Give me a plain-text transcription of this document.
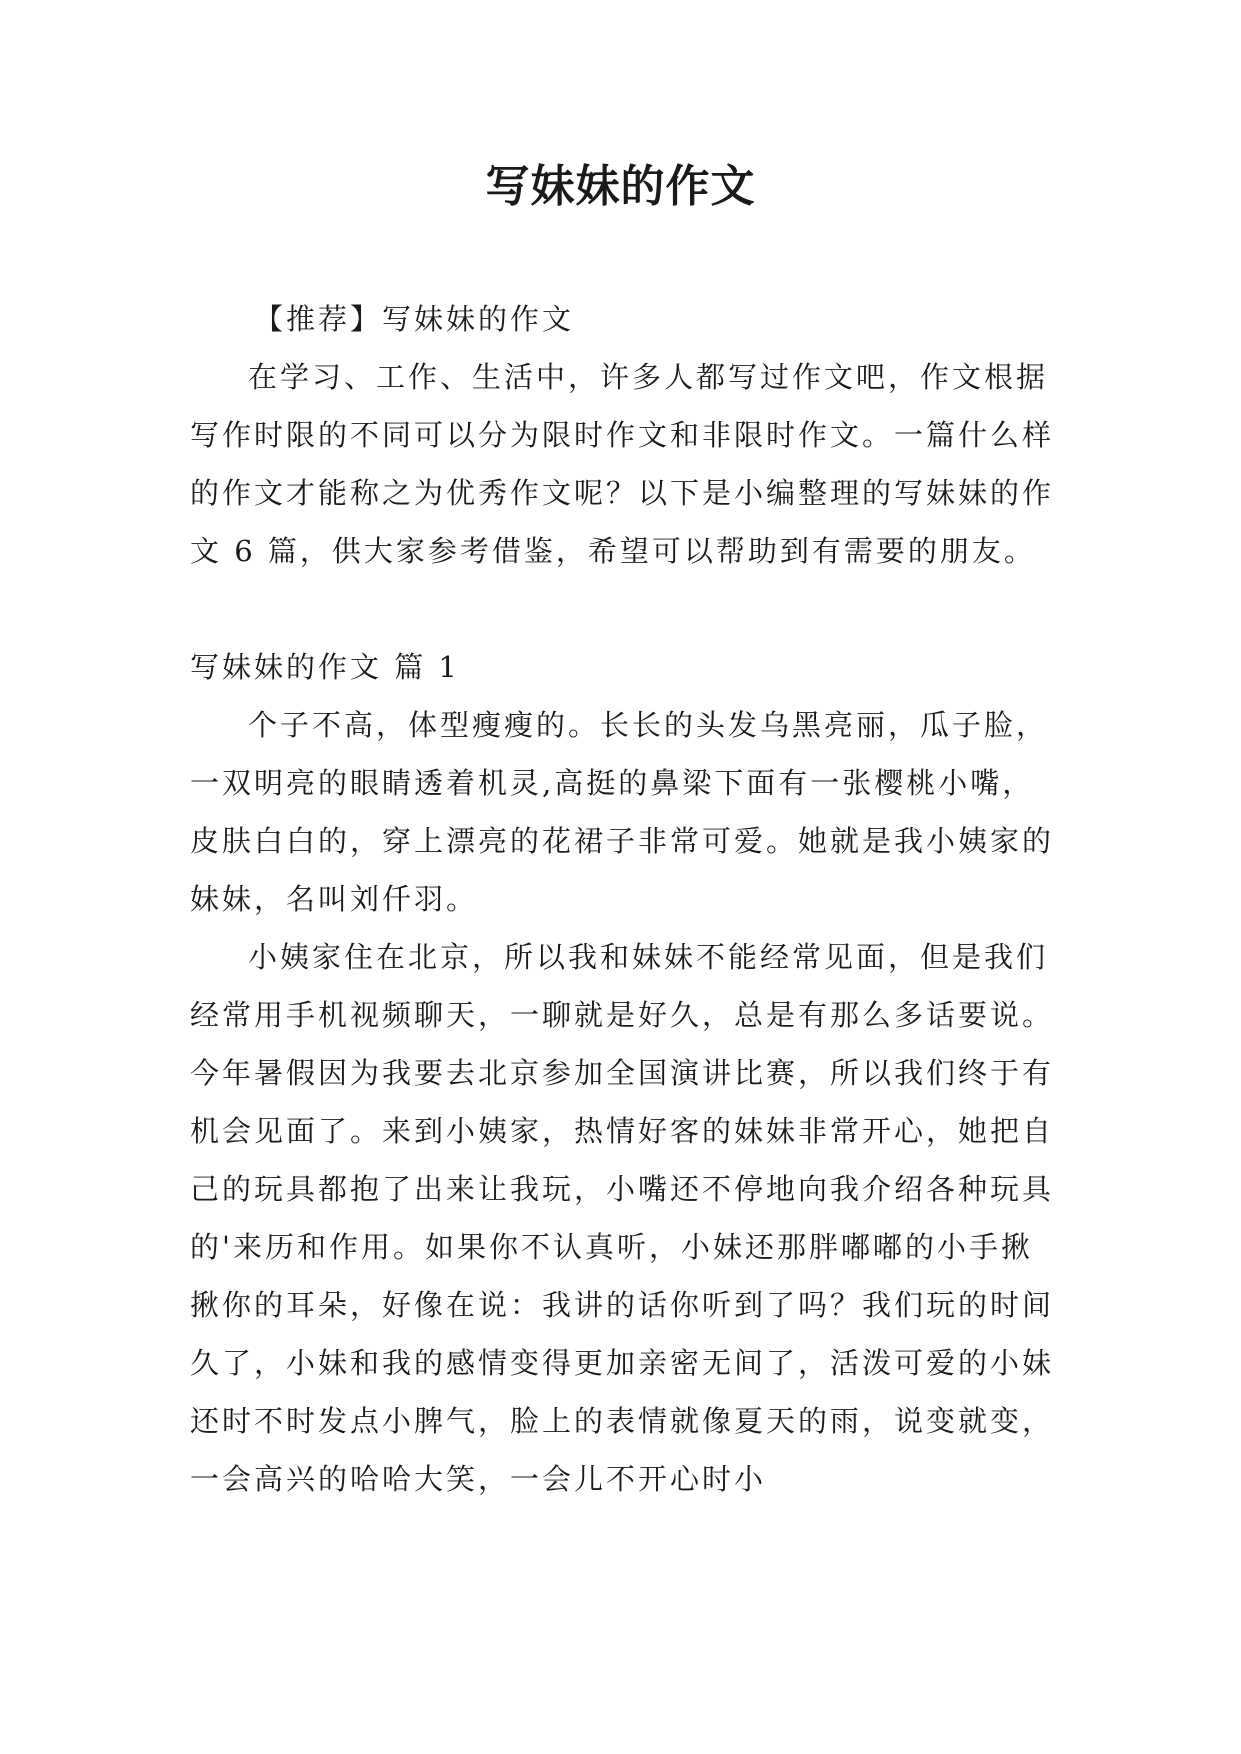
写妹妹的作文

【推荐】写妹妹的作文

在学习、工作、生活中，许多人都写过作文吧，作文根据写作时限的不同可以分为限时作文和非限时作文。一篇什么样的作文才能称之为优秀作文呢？以下是小编整理的写妹妹的作文 6 篇，供大家参考借鉴，希望可以帮助到有需要的朋友。

写妹妹的作文 篇 1

个子不高，体型瘦瘦的。长长的头发乌黑亮丽，瓜子脸，一双明亮的眼睛透着机灵,高挺的鼻梁下面有一张樱桃小嘴，皮肤白白的，穿上漂亮的花裙子非常可爱。她就是我小姨家的妹妹，名叫刘仟羽。

小姨家住在北京，所以我和妹妹不能经常见面，但是我们经常用手机视频聊天，一聊就是好久，总是有那么多话要说。今年暑假因为我要去北京参加全国演讲比赛，所以我们终于有机会见面了。来到小姨家，热情好客的妹妹非常开心，她把自己的玩具都抱了出来让我玩，小嘴还不停地向我介绍各种玩具的'来历和作用。如果你不认真听，小妹还那胖嘟嘟的小手揪揪你的耳朵，好像在说：我讲的话你听到了吗？我们玩的时间久了，小妹和我的感情变得更加亲密无间了，活泼可爱的小妹还时不时发点小脾气，脸上的表情就像夏天的雨，说变就变，一会高兴的哈哈大笑，一会儿不开心时小
